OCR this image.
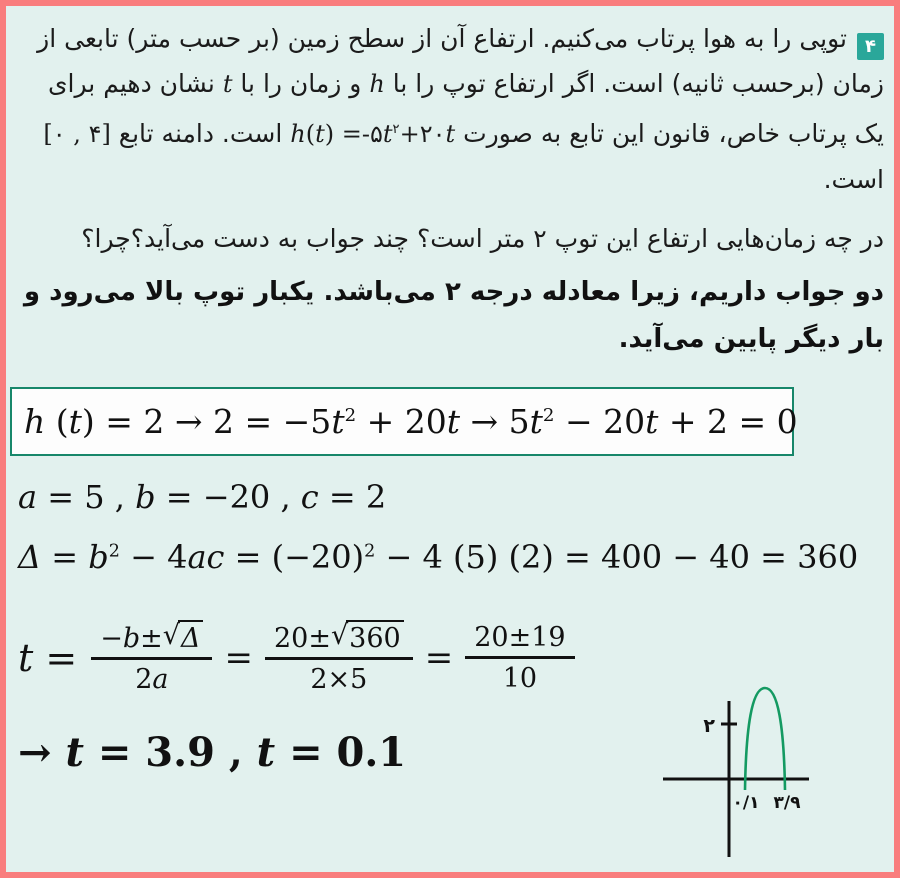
۴توپی را به هوا پرتاب می‌کنیم. ارتفاع آن از سطح زمین (بر حسب متر) تابعی از زمان (برحسب ثانیه) است. اگر ارتفاع توپ را با h و زمان را با t نشان دهیم برای یک پرتاب خاص، قانون این تابع به صورت $h(t) =-۵t^۲+۲۰t$ است. دامنه تابع [۰ , ۴] است.

در چه زمان‌هایی ارتفاع این توپ ۲ متر است؟ چند جواب به دست می‌آید؟چرا؟

دو جواب داریم، زیرا معادله درجه ۲ می‌باشد. یکبار توپ بالا می‌رود و بار دیگر پایین می‌آید.

h $(t) = 2 \to 2 = -5t^2 + 20t \to 5t^2 - 20t + 2 = 0$
a = 5 , b = −20 , c = 2
$\Delta = b^2 - 4ac = (-20)^2 - 4$ (5) (2) = 400 − 40 = 360
$t = \frac{-b\pm √ \Delta}{2a} = \frac{20\pm √ 360}{2\times 5} = \frac{20\pm 19}{10}$
→ t = 3.9 , t = 0.1
۲
۰/۱ ۳/۹
